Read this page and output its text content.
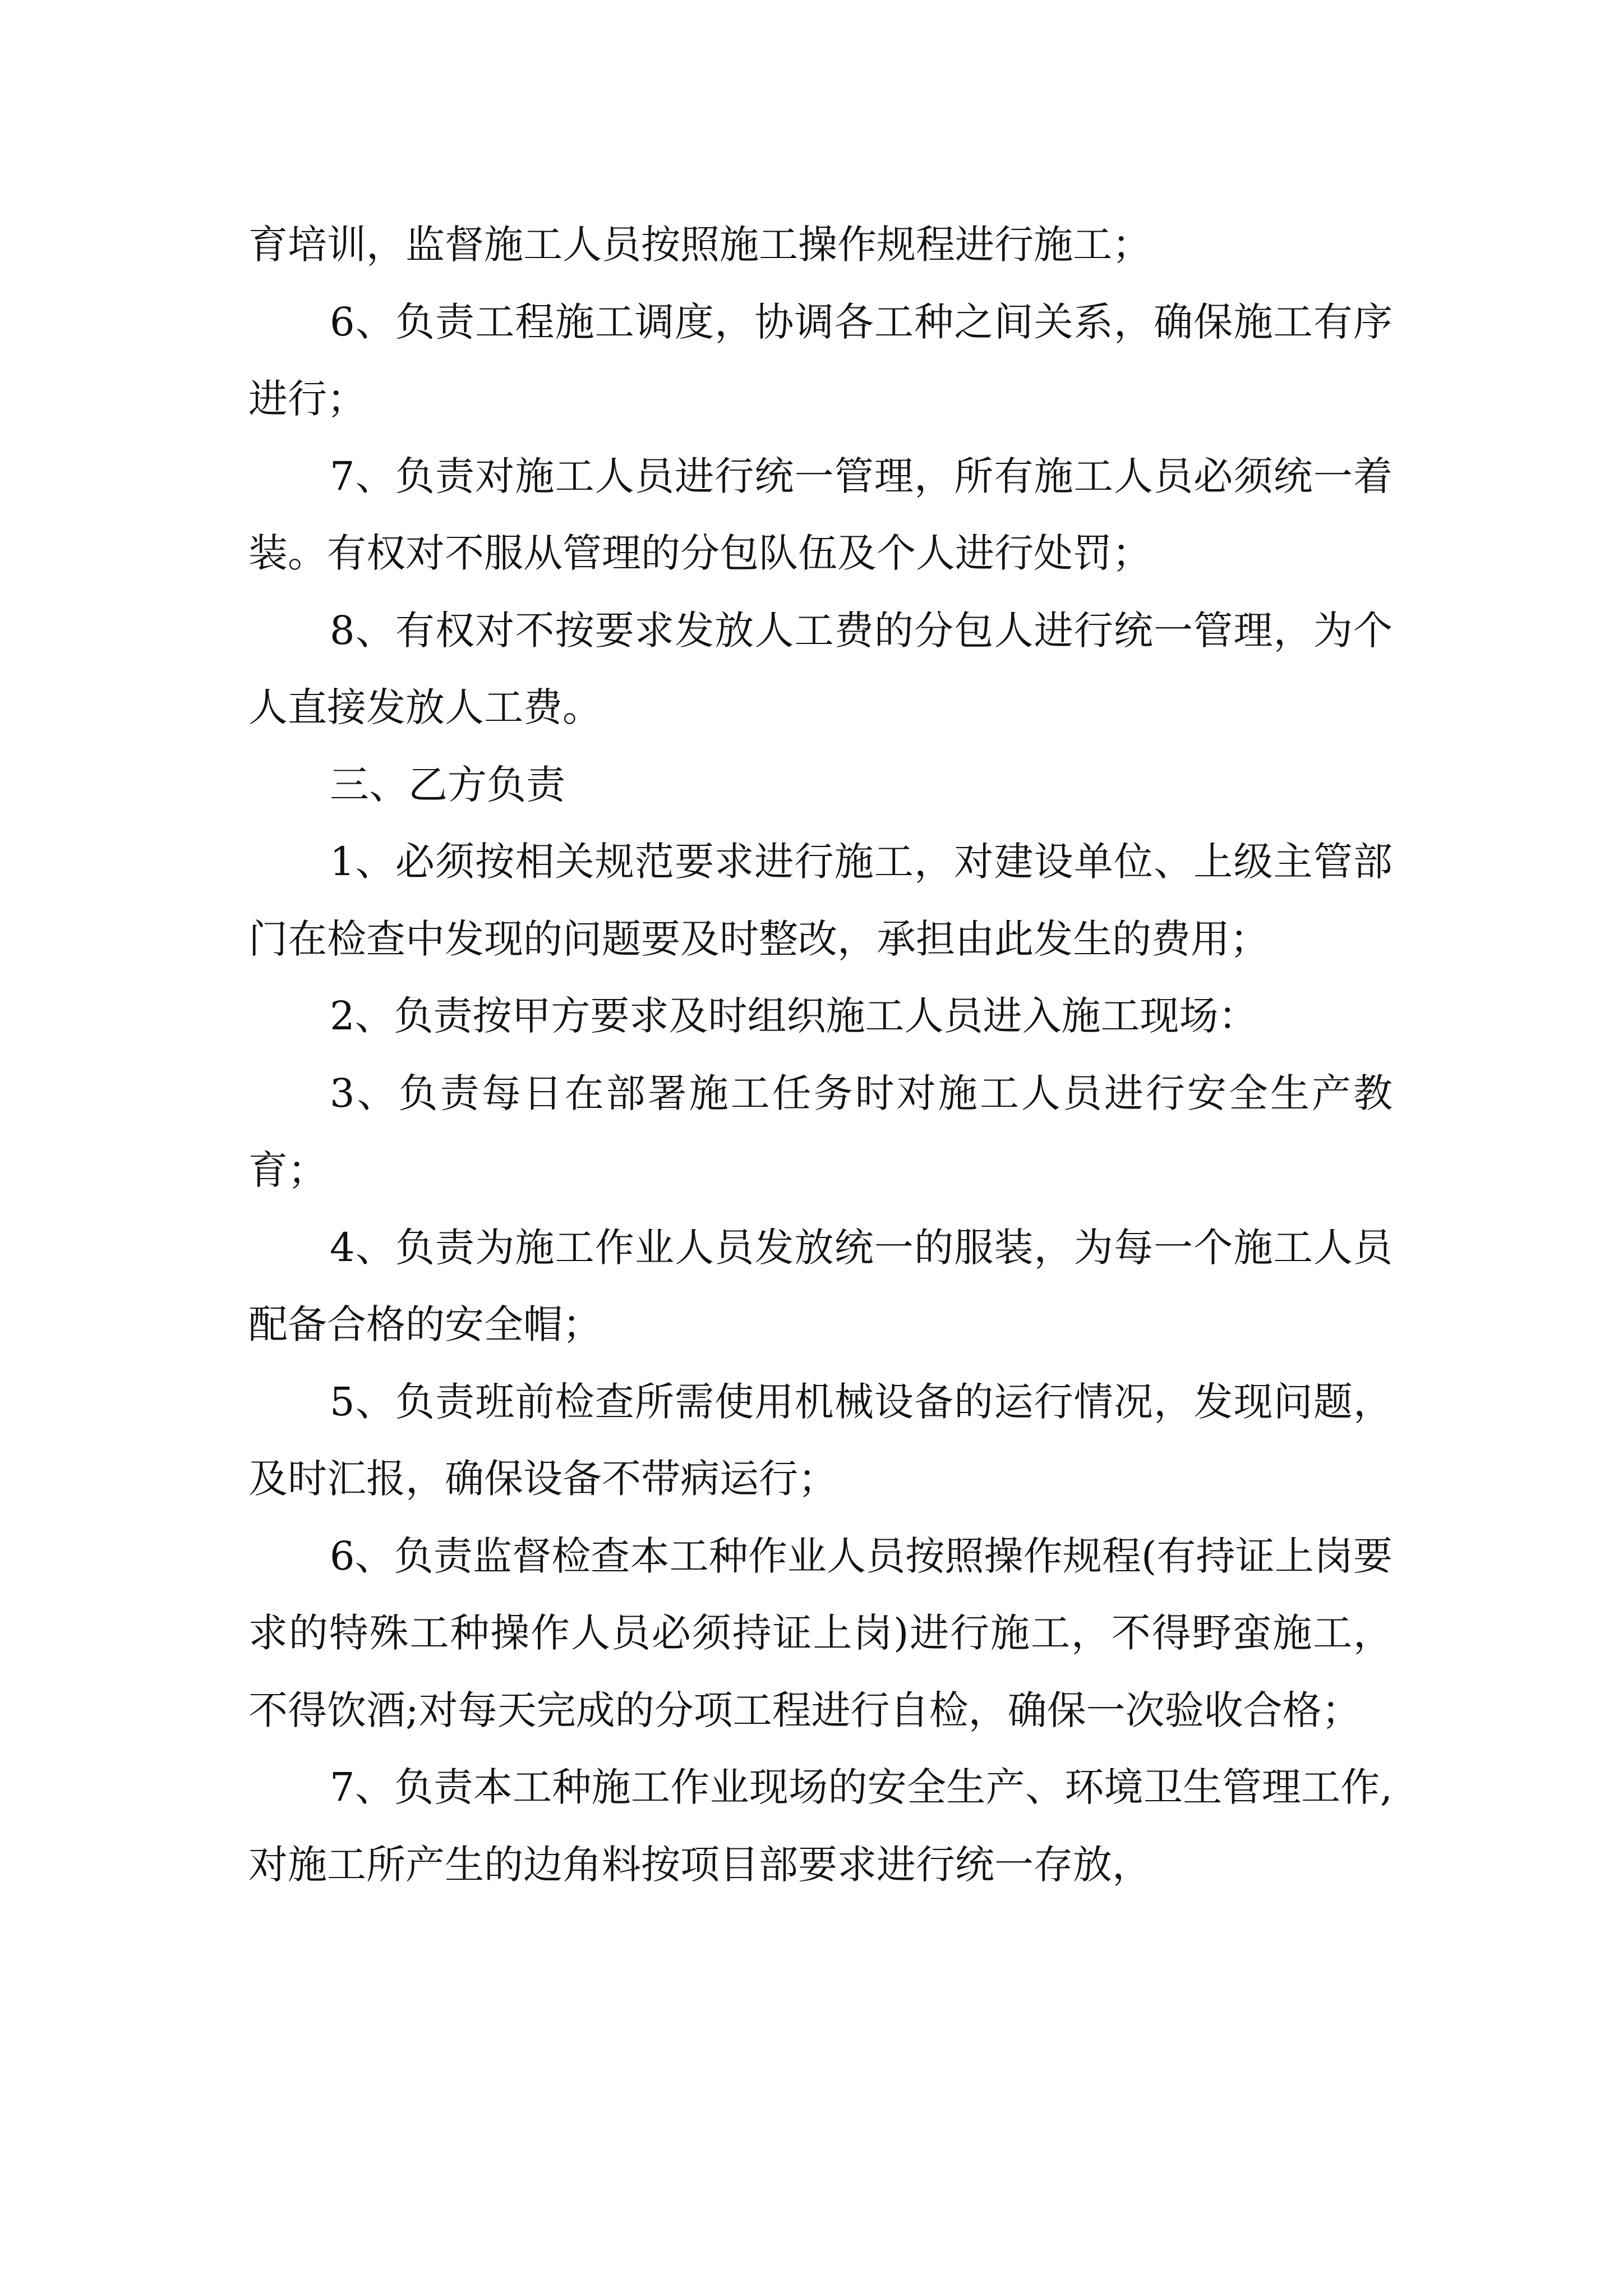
育培训，监督施工人员按照施工操作规程进行施工；

6、负责工程施工调度，协调各工种之间关系，确保施工有序进行；

7、负责对施工人员进行统一管理，所有施工人员必须统一着装。有权对不服从管理的分包队伍及个人进行处罚；

8、有权对不按要求发放人工费的分包人进行统一管理，为个人直接发放人工费。

三、乙方负责

1、必须按相关规范要求进行施工，对建设单位、上级主管部门在检查中发现的问题要及时整改，承担由此发生的费用；

2、负责按甲方要求及时组织施工人员进入施工现场：

3、负责每日在部署施工任务时对施工人员进行安全生产教育；

4、负责为施工作业人员发放统一的服装，为每一个施工人员配备合格的安全帽；

5、负责班前检查所需使用机械设备的运行情况，发现问题，及时汇报，确保设备不带病运行；

6、负责监督检查本工种作业人员按照操作规程(有持证上岗要求的特殊工种操作人员必须持证上岗)进行施工，不得野蛮施工，不得饮酒;对每天完成的分项工程进行自检，确保一次验收合格；

7、负责本工种施工作业现场的安全生产、环境卫生管理工作,对施工所产生的边角料按项目部要求进行统一存放，
